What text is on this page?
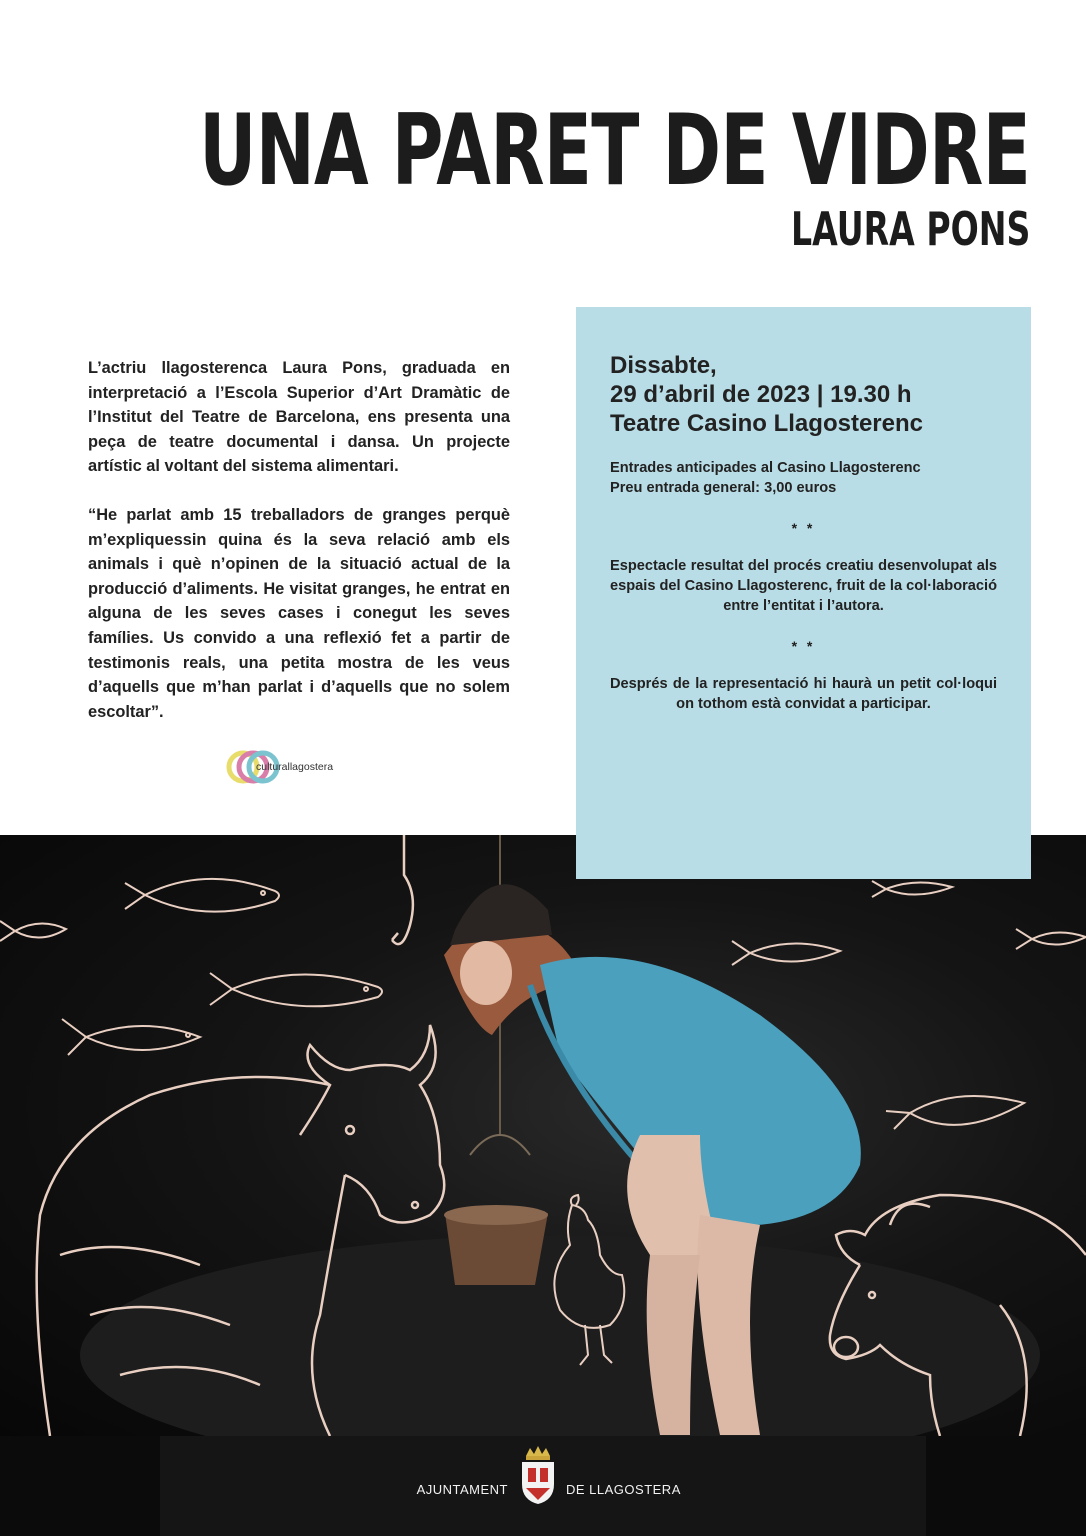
UNA PARET DE VIDRE
LAURA PONS

L’actriu llagosterenca Laura Pons, graduada en interpretació a l’Escola Superior d’Art Dramàtic de l’Institut del Teatre de Barcelona, ens presenta una peça de teatre documental i dansa. Un projecte artístic al voltant del sistema alimentari.

“He parlat amb 15 treballadors de granges perquè m’expliquessin quina és la seva relació amb els animals i què n’opinen de la situació actual de la producció d’aliments. He visitat granges, he entrat en alguna de les seves cases i conegut les seves famílies. Us convido a una reflexió fet a partir de testimonis reals, una petita mostra de les veus d’aquells que m’han parlat i d’aquells que no solem escoltar”.

culturallagostera
Dissabte,
29 d’abril de 2023 | 19.30 h
Teatre Casino Llagosterenc
Entrades anticipades al Casino Llagosterenc
Preu entrada general: 3,00 euros
* *
Espectacle resultat del procés creatiu desenvolupat als espais del Casino Llagosterenc, fruit de la col·laboració entre l’entitat i l’autora.
* *
Després de la representació hi haurà un petit col·loqui on tothom està convidat a participar.
AJUNTAMENT	DE LLAGOSTERA
